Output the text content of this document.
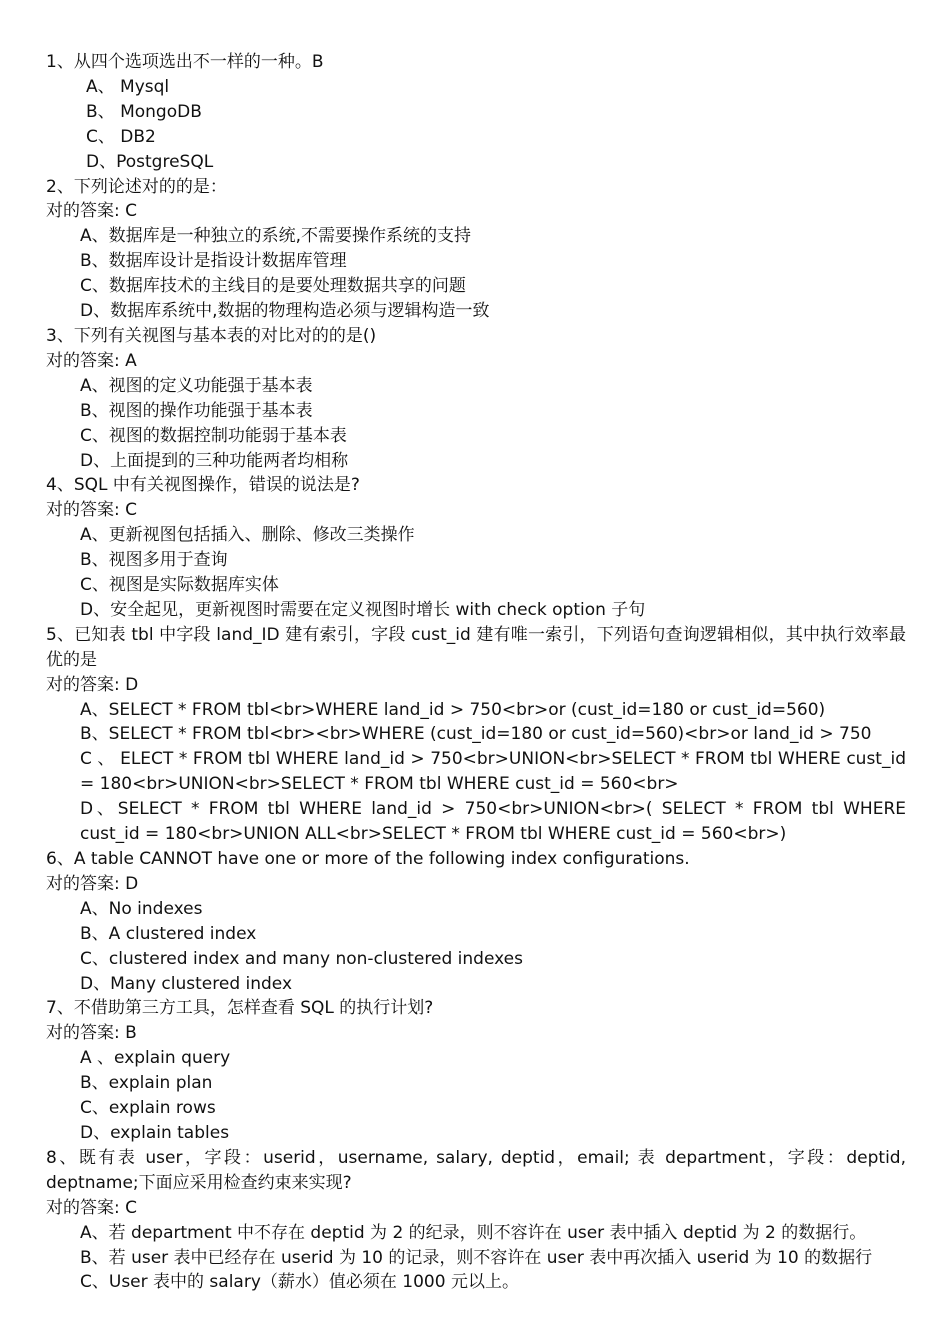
1、从四个选项选出不一样的一种。B

A、 Mysql

B、 MongoDB

C、 DB2

D、PostgreSQL

2、下列论述对的的是：

对的答案: C

A、数据库是一种独立的系统,不需要操作系统的支持

B、数据库设计是指设计数据库管理

C、数据库技术的主线目的是要处理数据共享的问题

D、数据库系统中,数据的物理构造必须与逻辑构造一致

3、下列有关视图与基本表的对比对的的是()

对的答案: A

A、视图的定义功能强于基本表

B、视图的操作功能强于基本表

C、视图的数据控制功能弱于基本表

D、上面提到的三种功能两者均相称

4、SQL 中有关视图操作，错误的说法是?

对的答案: C

A、更新视图包括插入、删除、修改三类操作

B、视图多用于查询

C、视图是实际数据库实体

D、安全起见，更新视图时需要在定义视图时增长 with check option 子句

5、已知表 tbl 中字段 land_ID 建有索引，字段 cust_id 建有唯一索引，下列语句查询逻辑相似，其中执行效率最优的是

对的答案: D

A、SELECT * FROM tbl<br>WHERE land_id > 750<br>or (cust_id=180 or cust_id=560)

B、SELECT * FROM tbl<br><br>WHERE (cust_id=180 or cust_id=560)<br>or land_id > 750

C 、 ELECT * FROM tbl WHERE land_id > 750<br>UNION<br>SELECT * FROM tbl WHERE cust_id = 180<br>UNION<br>SELECT * FROM tbl WHERE cust_id = 560<br>

D、SELECT * FROM tbl WHERE land_id > 750<br>UNION<br>( SELECT * FROM tbl WHERE cust_id = 180<br>UNION ALL<br>SELECT * FROM tbl WHERE cust_id = 560<br>)

6、A table CANNOT have one or more of the following index configurations.

对的答案: D

A、No indexes

B、A clustered index

C、clustered index and many non-clustered indexes

D、Many clustered index

7、不借助第三方工具，怎样查看 SQL 的执行计划?

对的答案: B

A 、explain query

B、explain plan

C、explain rows

D、explain tables

8、既有表 user，字段：userid，username, salary, deptid，email; 表 department，字段：deptid, deptname;下面应采用检查约束来实现?

对的答案: C

A、若 department 中不存在 deptid 为 2 的纪录，则不容许在 user 表中插入 deptid 为 2 的数据行。

B、若 user 表中已经存在 userid 为 10 的记录，则不容许在 user 表中再次插入 userid 为 10 的数据行

C、User 表中的 salary（薪水）值必须在 1000 元以上。
